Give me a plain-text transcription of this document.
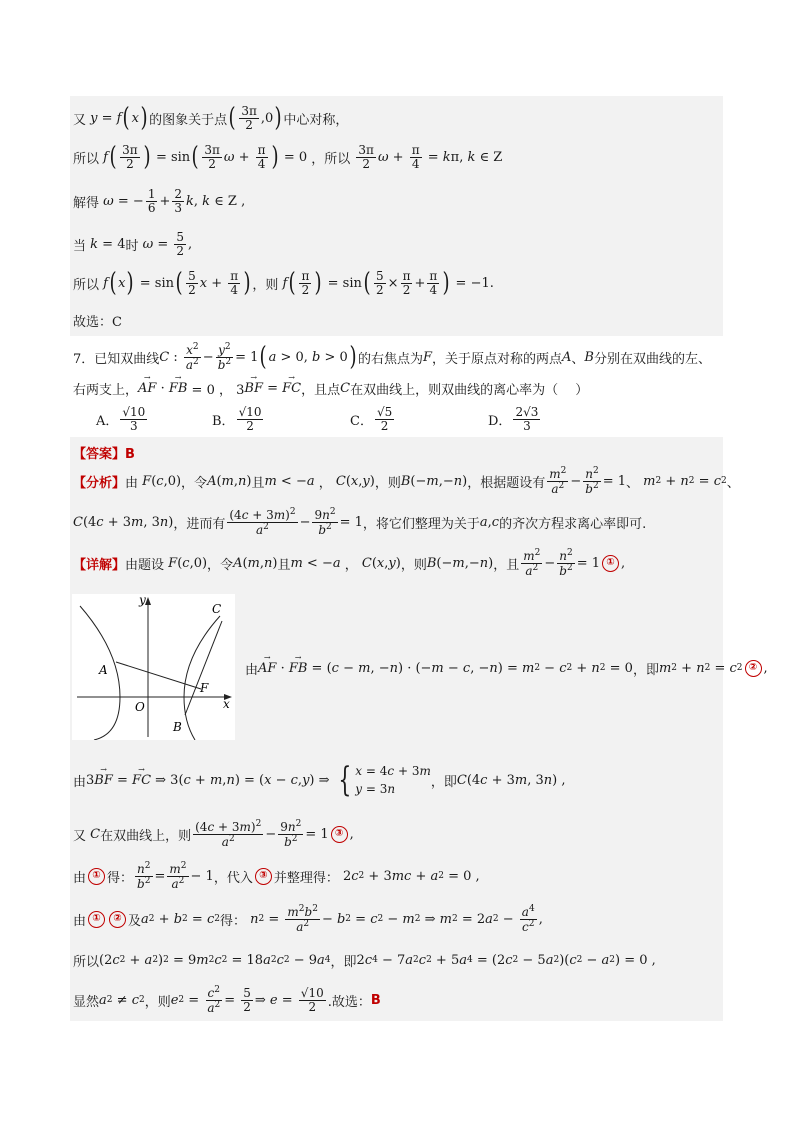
又 y = f ( x ) 的图象关于点 ( $\frac{3\pi}{2} ,0$ ) 中心对称，
所以 f ( $\frac{3\pi}{2}$ ) = sin ( $\frac{3\pi}{2}$ $\omega + \frac{\pi}{4}$ ) = 0 ，所以
$\frac{3\pi}{2}$ $\omega + \frac{\pi}{4} = k$ π, k ∈ Z
解得 ω = − $\frac{1}{6} + \frac{2}{3}$ k , k ∈ Z ,
当 k = 4 时 $\omega = \frac{5}{2}$ ,
所以 f ( x ) = sin ( $\frac{5}{2}$ $x + \frac{\pi}{4}$ ) ，则 f ( $\frac{\pi}{2}$ ) = sin ( $\frac{5}{2} \times \frac{\pi}{2} + \frac{\pi}{4}$ ) = −1.
故选：C
7．已知双曲线 C : $\frac{x^2}{a^2} - \frac{y^2}{b^2} = 1$ ( a > 0, b > 0 ) 的右焦点为 F ，关于原点对称的两点 A 、 B 分别在双曲线的左、
右两支上， → AF · → FB = 0 ， 3 → BF = → FC ，且点 C 在双曲线上，则双曲线的离心率为（　 ）
A． $\frac{√10}{3}$	B． $\frac{√10}{2}$	C． $\frac{√5}{2}$	D． $\frac{2√3}{3}$
【答案】B
【分析】 由
F ( c ,0) ，令 A ( m , n ) 且 m < − a ， C ( x , y ) ，则 B (− m ,− n ) ，根据题设有 $\frac{m^2}{a^2} - \frac{n^2}{b^2} = 1$ 、
m 2 + n 2 = c 2 、
C (4 c + 3 m , 3 n ) ，进而有 $\frac{(4c + 3m)^2}{a^2} - \frac{9n^2}{b^2} = 1$ ，将它们整理为关于 a , c 的齐次方程求离心率即可.
【详解】 由题设
F ( c ,0) ，令 A ( m , n ) 且 m < − a ， C ( x , y ) ，则 B (− m ,− n ) ，且 $\frac{m^2}{a^2} - \frac{n^2}{b^2} = 1$ ① ,
y
x
O
A
B
C
F
由 → AF · → FB = ( c − m , − n ) · (− m − c , − n ) = m 2 − c 2 + n 2 = 0 ，即 m 2 + n 2 = c 2 ② ,
由 3 → BF = → FC ⇒ 3( c + m , n ) = ( x − c , y ) ⇒ { x = 4c + 3m
y = 3n	，即 C (4 c + 3 m , 3 n ) ,
又 C 在双曲线上，则 $\frac{(4c + 3m)^2}{a^2} - \frac{9n^2}{b^2} = 1$ ③ ,
由 ① 得： $\frac{n^2}{b^2} = \frac{m^2}{a^2} - 1$ ，代入 ③ 并整理得： 2 c 2 + 3 mc + a 2 = 0 ,
由 ①	② 及 a 2 + b 2 = c 2 得：
n $2 = \frac{m^2b^2}{a^2} - b$ 2 = c 2 − m 2 ⇒ m 2 = 2 a $2 - \frac{a^4}{c^2}$ ,
所以 (2 c 2 + a 2 ) 2 = 9 m 2 c 2 = 18 a 2 c 2 − 9 a 4 ，即 2 c 4 − 7 a 2 c 2 + 5 a 4 = (2 c 2 − 5 a 2 )( c 2 − a 2 ) = 0 ,
显然 a 2 ≠ c 2 ，则 e $2 = \frac{c^2}{a^2} = \frac{5}{2}$ ⇒ $e = \frac{√10}{2}$ .故选： B
